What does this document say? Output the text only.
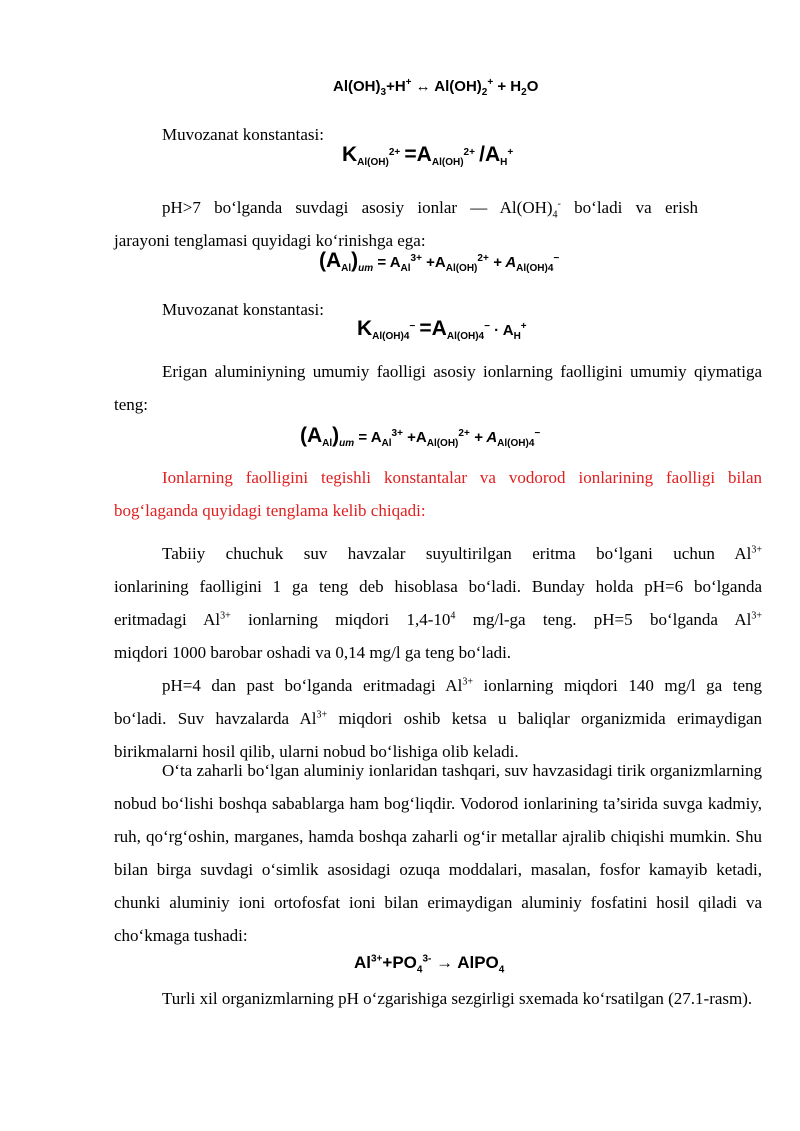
$Al(OH)_3+H^+$ ↔ $Al(OH)_2^+ + H_2O$

Muvozanat konstantasi:

$K_{Al(OH)}^{2+} =A_{Al(OH)}^{2+}$ $/A_H^+$

pH>7 bo‘lganda suvdagi asosiy ionlar — $Al(OH)_4^-$ bo‘ladi va erish

jarayoni tenglamasi quyidagi ko‘rinishga ega:

$(A_{Al})_{um} = A_{Al}^{3+} +A_{Al(OH)}^{2+} + A_{Al(OH)4}^-$

Muvozanat konstantasi:

$K_{Al(OH)4}^- =A_{Al(OH)4}^- \cdot A_H^+$

Erigan aluminiyning umumiy faolligi asosiy ionlarning faolligini umumiy qiymatiga teng:

$(A_{Al})_{um} = A_{Al}^{3+} +A_{Al(OH)}^{2+} + A_{Al(OH)4}^-$

Ionlarning faolligini tegishli konstantalar va vodorod ionlarining faolligi bilan bog‘laganda quyidagi tenglama kelib chiqadi:

Tabiiy chuchuk suv havzalar suyultirilgan eritma bo‘lgani uchun $Al^{3+}$

ionlarining faolligini 1 ga teng deb hisoblasa bo‘ladi. Bunday holda pH=6 bo‘lganda

eritmadagi $Al^{3+}$ ionlarning miqdori $1,4-10^4$ mg/l-ga teng. pH=5 bo‘lganda $Al^{3+}$

miqdori 1000 barobar oshadi va 0,14 mg/l ga teng bo‘ladi.

pH=4 dan past bo‘lganda eritmadagi $Al^{3+}$ ionlarning miqdori 140 mg/l ga teng

bo‘ladi. Suv havzalarda $Al^{3+}$ miqdori oshib ketsa u baliqlar organizmida erimaydigan

birikmalarni hosil qilib, ularni nobud bo‘lishiga olib keladi.

O‘ta zaharli bo‘lgan aluminiy ionlaridan tashqari, suv havzasidagi tirik organizmlarning nobud bo‘lishi boshqa sabablarga ham bog‘liqdir. Vodorod ionlarining ta’sirida suvga kadmiy, ruh, qo‘rg‘oshin, marganes, hamda boshqa zaharli og‘ir metallar ajralib chiqishi mumkin. Shu bilan birga suvdagi o‘simlik asosidagi ozuqa moddalari, masalan, fosfor kamayib ketadi, chunki aluminiy ioni ortofosfat ioni bilan erimaydigan aluminiy fosfatini hosil qiladi va cho‘kmaga tushadi:

$Al^{3+}+PO_4^{3-}$ → AlPO$_4$

Turli xil organizmlarning pH o‘zgarishiga sezgirligi sxemada ko‘rsatilgan (27.1-rasm).
